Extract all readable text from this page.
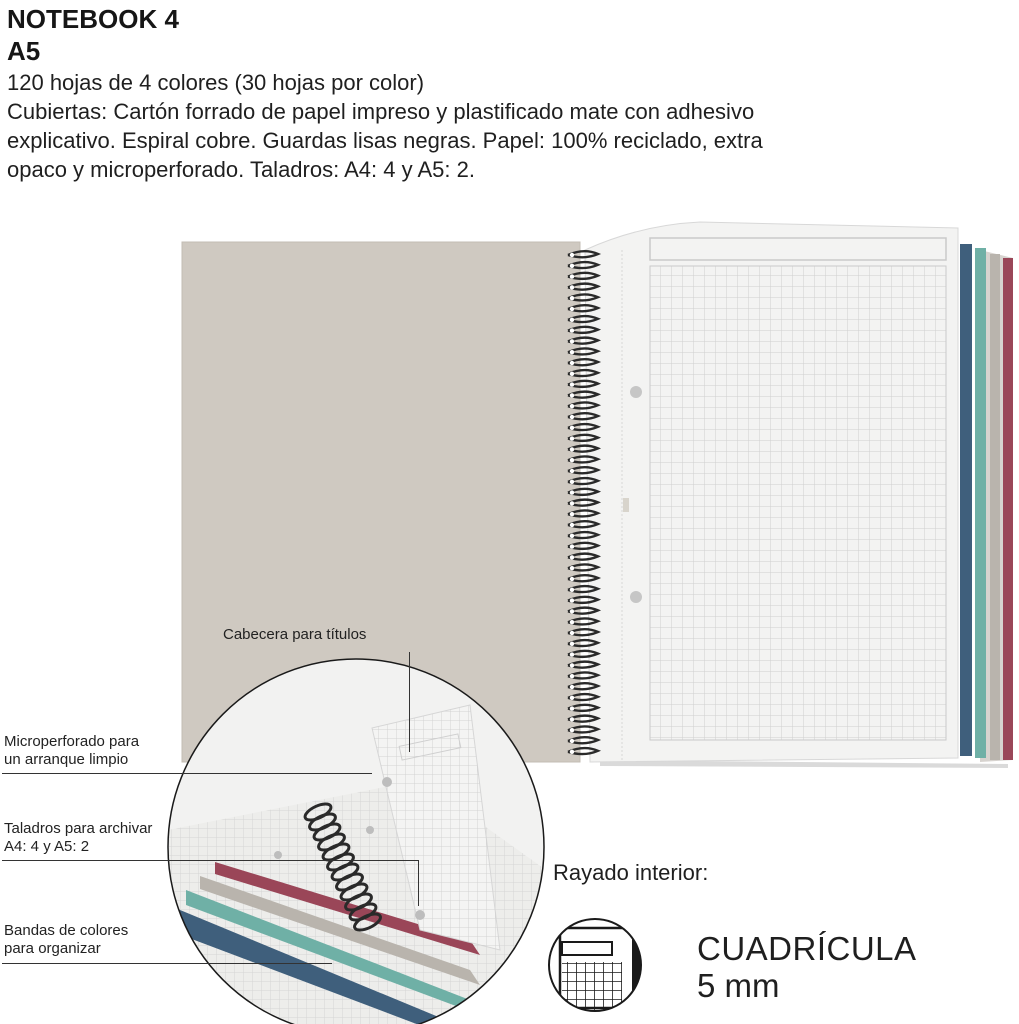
NOTEBOOK 4
A5
120 hojas de 4 colores (30 hojas por color)
Cubiertas: Cartón forrado de papel impreso y plastificado mate con adhesivo
explicativo. Espiral cobre. Guardas lisas negras. Papel: 100% reciclado, extra
opaco y microperforado. Taladros: A4: 4 y A5: 2.
Cabecera para títulos
Microperforado para
un arranque limpio
Taladros para archivar
A4: 4 y A5: 2
Bandas de colores
para organizar
Rayado interior:
CUADRÍCULA
5 mm
